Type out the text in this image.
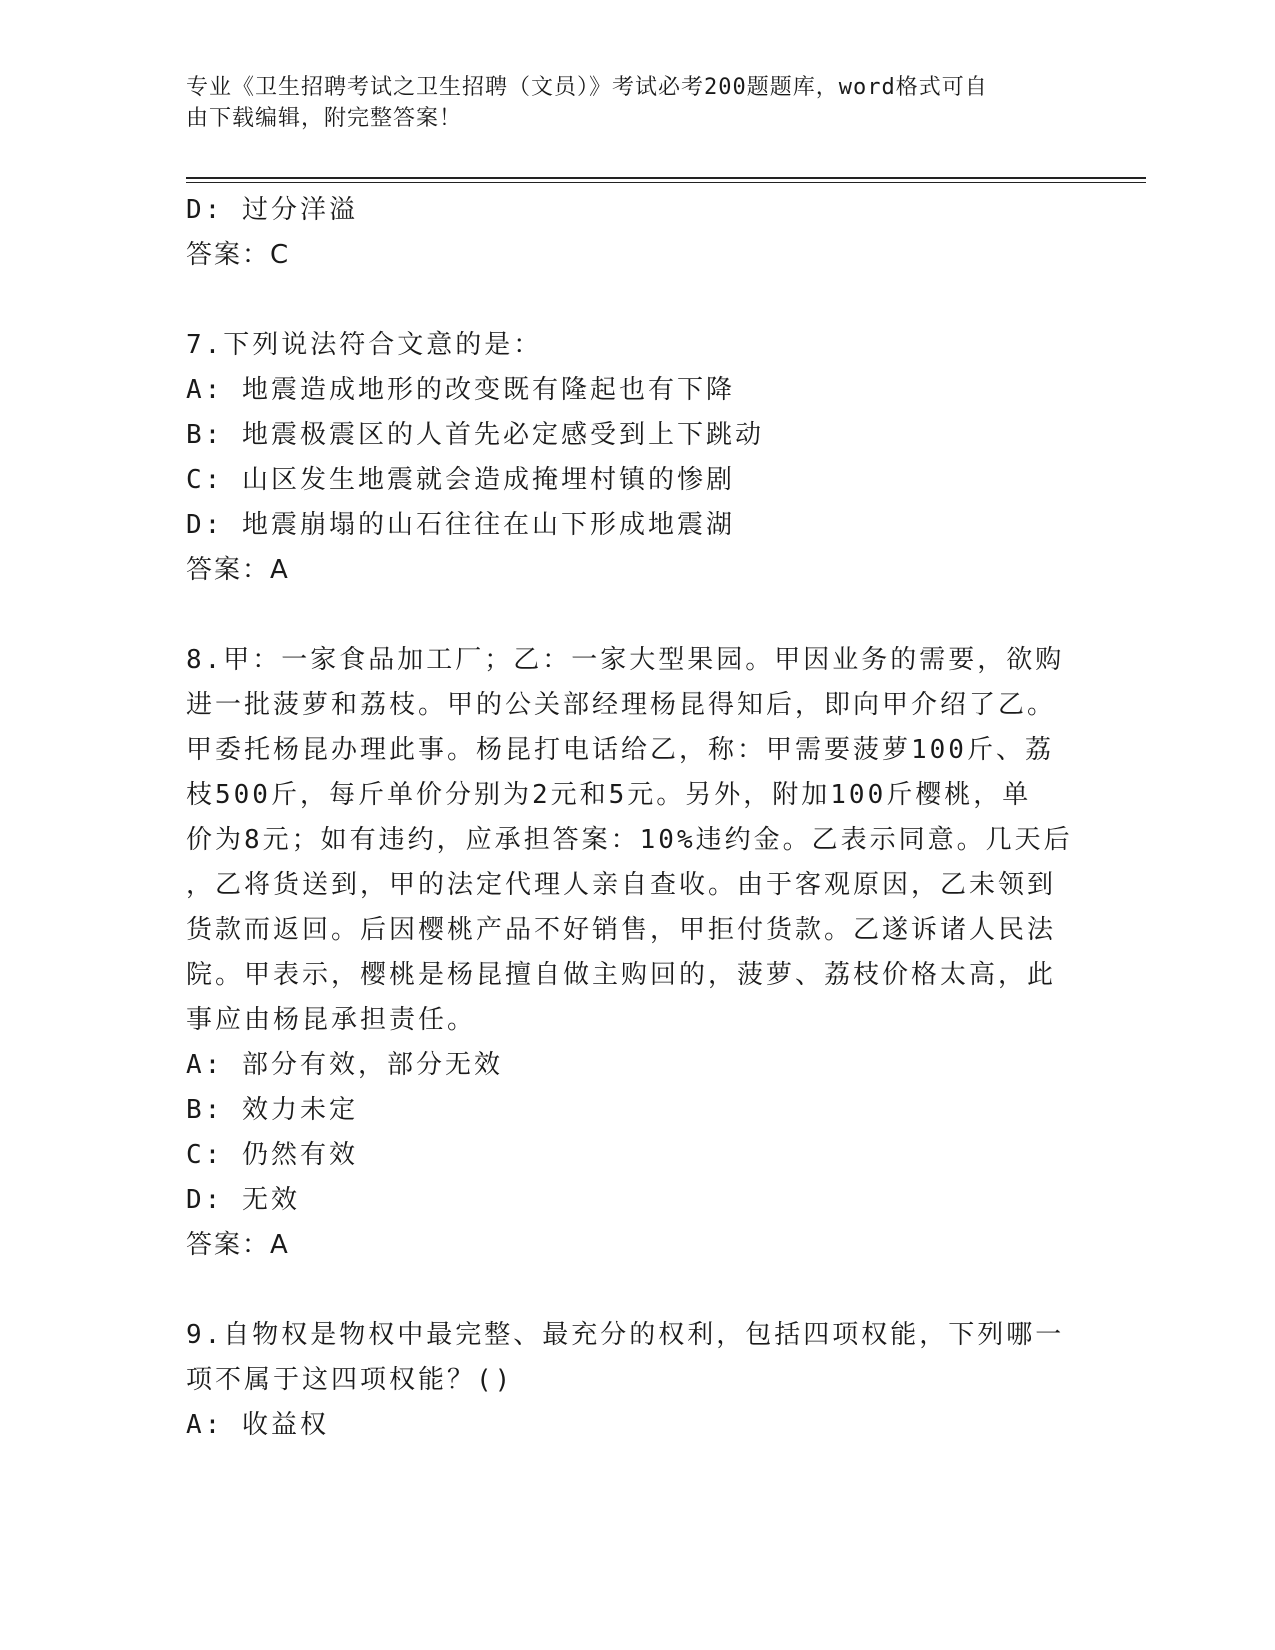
专业《卫生招聘考试之卫生招聘（文员）》考试必考200题题库，word格式可自
由下载编辑，附完整答案！
D: 过分洋溢
答案：C
7.下列说法符合文意的是：
A: 地震造成地形的改变既有隆起也有下降
B: 地震极震区的人首先必定感受到上下跳动
C: 山区发生地震就会造成掩埋村镇的惨剧
D: 地震崩塌的山石往往在山下形成地震湖
答案：A
8.甲：一家食品加工厂；乙：一家大型果园。甲因业务的需要，欲购
进一批菠萝和荔枝。甲的公关部经理杨昆得知后，即向甲介绍了乙。
甲委托杨昆办理此事。杨昆打电话给乙，称：甲需要菠萝100斤、荔
枝500斤，每斤单价分别为2元和5元。另外，附加100斤樱桃，单
价为8元；如有违约，应承担答案：10%违约金。乙表示同意。几天后
，乙将货送到，甲的法定代理人亲自查收。由于客观原因，乙未领到
货款而返回。后因樱桃产品不好销售，甲拒付货款。乙遂诉诸人民法
院。甲表示，樱桃是杨昆擅自做主购回的，菠萝、荔枝价格太高，此
事应由杨昆承担责任。
A: 部分有效，部分无效
B: 效力未定
C: 仍然有效
D: 无效
答案：A
9.自物权是物权中最完整、最充分的权利，包括四项权能，下列哪一
项不属于这四项权能？()
A: 收益权
